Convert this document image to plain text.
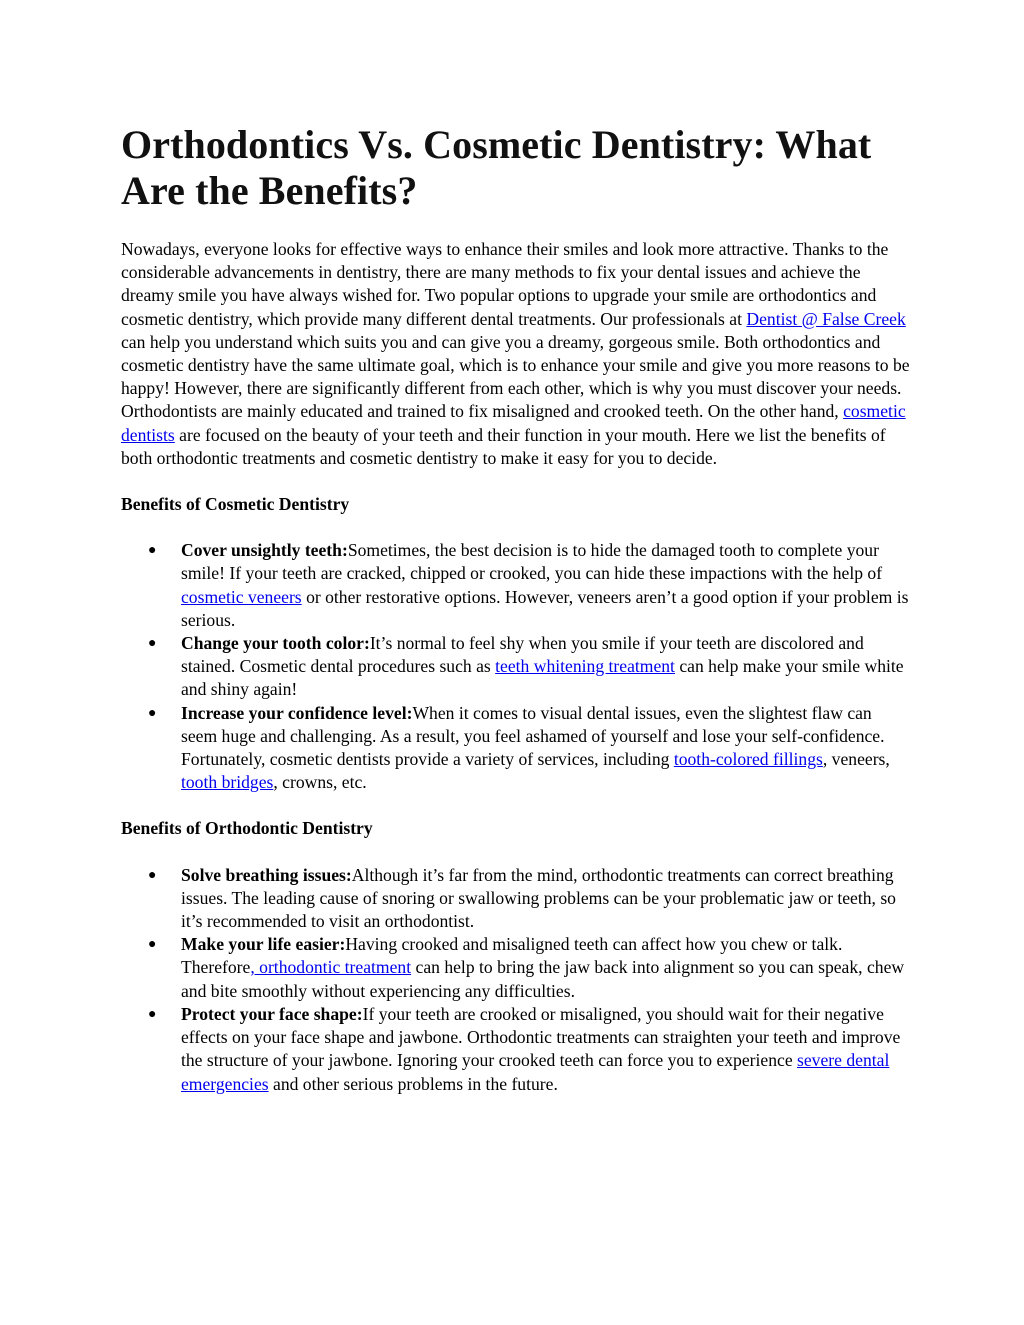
Orthodontics Vs. Cosmetic Dentistry: What Are the Benefits?

Nowadays, everyone looks for effective ways to enhance their smiles and look more attractive. Thanks to the considerable advancements in dentistry, there are many methods to fix your dental issues and achieve the dreamy smile you have always wished for. Two popular options to upgrade your smile are orthodontics and cosmetic dentistry, which provide many different dental treatments. Our professionals at Dentist @ False Creek can help you understand which suits you and can give you a dreamy, gorgeous smile. Both orthodontics and cosmetic dentistry have the same ultimate goal, which is to enhance your smile and give you more reasons to be happy! However, there are significantly different from each other, which is why you must discover your needs. Orthodontists are mainly educated and trained to fix misaligned and crooked teeth. On the other hand, cosmetic dentists are focused on the beauty of your teeth and their function in your mouth. Here we list the benefits of both orthodontic treatments and cosmetic dentistry to make it easy for you to decide.

Benefits of Cosmetic Dentistry

● Cover unsightly teeth:Sometimes, the best decision is to hide the damaged tooth to complete your smile! If your teeth are cracked, chipped or crooked, you can hide these impactions with the help of cosmetic veneers or other restorative options. However, veneers aren’t a good option if your problem is serious.
● Change your tooth color:It’s normal to feel shy when you smile if your teeth are discolored and stained. Cosmetic dental procedures such as teeth whitening treatment can help make your smile white and shiny again!
● Increase your confidence level:When it comes to visual dental issues, even the slightest flaw can seem huge and challenging. As a result, you feel ashamed of yourself and lose your self-confidence. Fortunately, cosmetic dentists provide a variety of services, including tooth-colored fillings, veneers, tooth bridges, crowns, etc.

Benefits of Orthodontic Dentistry

● Solve breathing issues:Although it’s far from the mind, orthodontic treatments can correct breathing issues. The leading cause of snoring or swallowing problems can be your problematic jaw or teeth, so it’s recommended to visit an orthodontist.
● Make your life easier:Having crooked and misaligned teeth can affect how you chew or talk. Therefore, orthodontic treatment can help to bring the jaw back into alignment so you can speak, chew and bite smoothly without experiencing any difficulties.
● Protect your face shape:If your teeth are crooked or misaligned, you should wait for their negative effects on your face shape and jawbone. Orthodontic treatments can straighten your teeth and improve the structure of your jawbone. Ignoring your crooked teeth can force you to experience severe dental emergencies and other serious problems in the future.
